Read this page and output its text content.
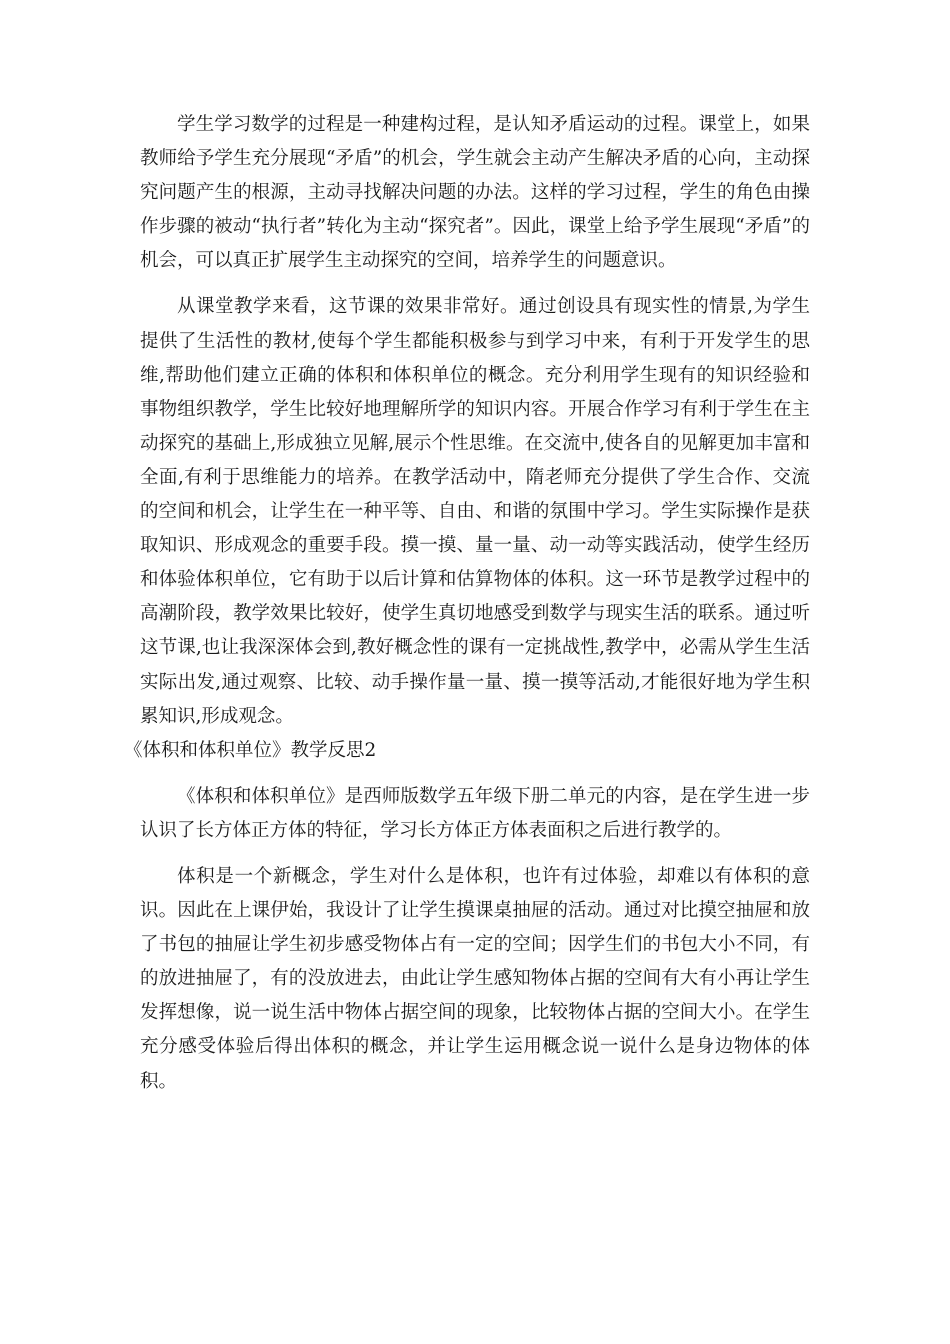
学生学习数学的过程是一种建构过程，是认知矛盾运动的过程。课堂上，如果教师给予学生充分展现“矛盾”的机会，学生就会主动产生解决矛盾的心向，主动探究问题产生的根源，主动寻找解决问题的办法。这样的学习过程，学生的角色由操作步骤的被动“执行者”转化为主动“探究者”。因此，课堂上给予学生展现“矛盾”的机会，可以真正扩展学生主动探究的空间，培养学生的问题意识。

从课堂教学来看，这节课的效果非常好。通过创设具有现实性的情景,为学生提供了生活性的教材,使每个学生都能积极参与到学习中来，有利于开发学生的思维,帮助他们建立正确的体积和体积单位的概念。充分利用学生现有的知识经验和事物组织教学，学生比较好地理解所学的知识内容。开展合作学习有利于学生在主动探究的基础上,形成独立见解,展示个性思维。在交流中,使各自的见解更加丰富和全面,有利于思维能力的培养。在教学活动中，隋老师充分提供了学生合作、交流的空间和机会，让学生在一种平等、自由、和谐的氛围中学习。学生实际操作是获取知识、形成观念的重要手段。摸一摸、量一量、动一动等实践活动，使学生经历和体验体积单位，它有助于以后计算和估算物体的体积。这一环节是教学过程中的高潮阶段，教学效果比较好，使学生真切地感受到数学与现实生活的联系。通过听这节课,也让我深深体会到,教好概念性的课有一定挑战性,教学中，必需从学生生活实际出发,通过观察、比较、动手操作量一量、摸一摸等活动,才能很好地为学生积累知识,形成观念。

《体积和体积单位》教学反思2

《体积和体积单位》是西师版数学五年级下册二单元的内容，是在学生进一步认识了长方体正方体的特征，学习长方体正方体表面积之后进行教学的。

体积是一个新概念，学生对什么是体积，也许有过体验，却难以有体积的意识。因此在上课伊始，我设计了让学生摸课桌抽屉的活动。通过对比摸空抽屉和放了书包的抽屉让学生初步感受物体占有一定的空间；因学生们的书包大小不同，有的放进抽屉了，有的没放进去，由此让学生感知物体占据的空间有大有小再让学生发挥想像，说一说生活中物体占据空间的现象，比较物体占据的空间大小。在学生充分感受体验后得出体积的概念，并让学生运用概念说一说什么是身边物体的体积。
